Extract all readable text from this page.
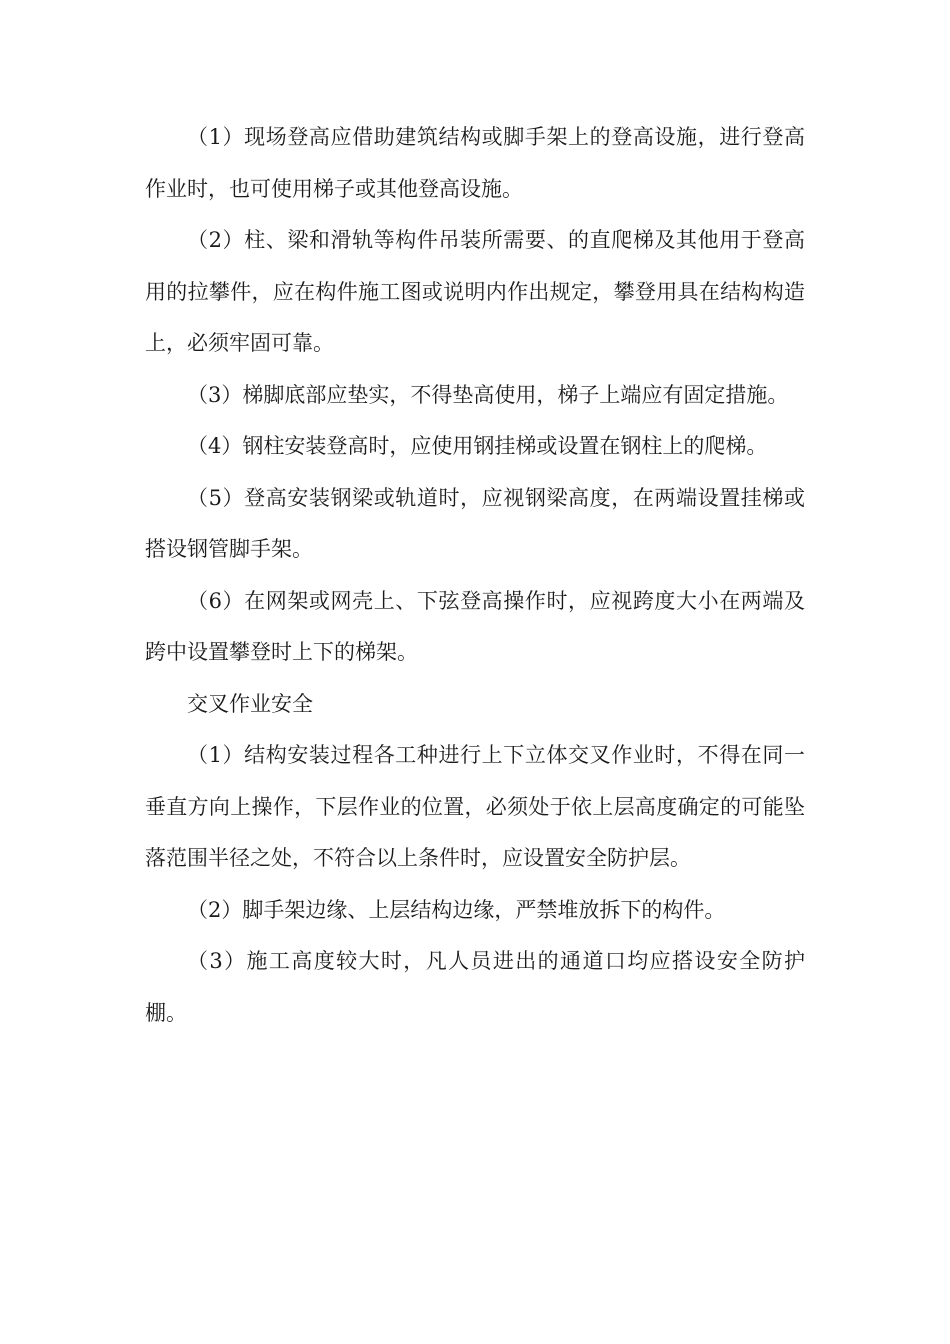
（1）现场登高应借助建筑结构或脚手架上的登高设施，进行登高作业时，也可使用梯子或其他登高设施。

（2）柱、梁和滑轨等构件吊装所需要、的直爬梯及其他用于登高用的拉攀件，应在构件施工图或说明内作出规定，攀登用具在结构构造上，必须牢固可靠。

（3）梯脚底部应垫实，不得垫高使用，梯子上端应有固定措施。

（4）钢柱安装登高时，应使用钢挂梯或设置在钢柱上的爬梯。

（5）登高安装钢梁或轨道时，应视钢梁高度，在两端设置挂梯或搭设钢管脚手架。

（6）在网架或网壳上、下弦登高操作时，应视跨度大小在两端及跨中设置攀登时上下的梯架。

交叉作业安全

（1）结构安装过程各工种进行上下立体交叉作业时，不得在同一垂直方向上操作，下层作业的位置，必须处于依上层高度确定的可能坠落范围半径之处，不符合以上条件时，应设置安全防护层。

（2）脚手架边缘、上层结构边缘，严禁堆放拆下的构件。

（3）施工高度较大时，凡人员进出的通道口均应搭设安全防护棚。
